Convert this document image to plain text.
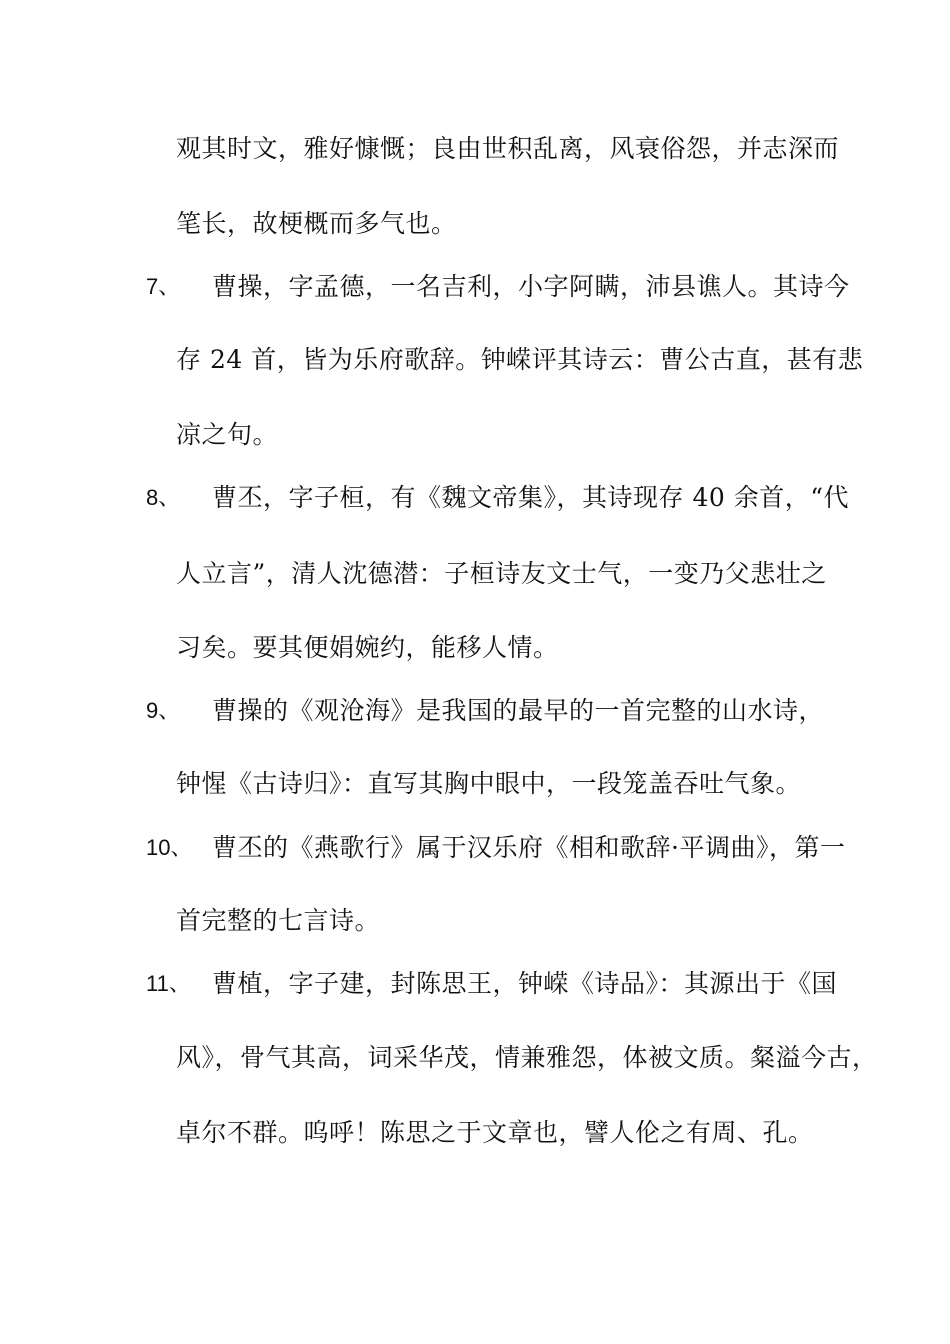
观其时文，雅好慷慨；良由世积乱离，风衰俗怨，并志深而
笔长，故梗概而多气也。
7、 曹操，字孟德，一名吉利，小字阿瞒，沛县谯人。其诗今
存 24 首，皆为乐府歌辞。钟嵘评其诗云：曹公古直，甚有悲
凉之句。
8、 曹丕，字子桓，有《魏文帝集》，其诗现存 40 余首，“代
人立言”，清人沈德潜：子桓诗友文士气，一变乃父悲壮之
习矣。要其便娟婉约，能移人情。
9、 曹操的《观沧海》是我国的最早的一首完整的山水诗，
钟惺《古诗归》：直写其胸中眼中，一段笼盖吞吐气象。
10、 曹丕的《燕歌行》属于汉乐府《相和歌辞·平调曲》，第一
首完整的七言诗。
11、 曹植，字子建，封陈思王，钟嵘《诗品》：其源出于《国
风》，骨气其高，词采华茂，情兼雅怨，体被文质。粲溢今古，
卓尔不群。呜呼！陈思之于文章也，譬人伦之有周、孔。
